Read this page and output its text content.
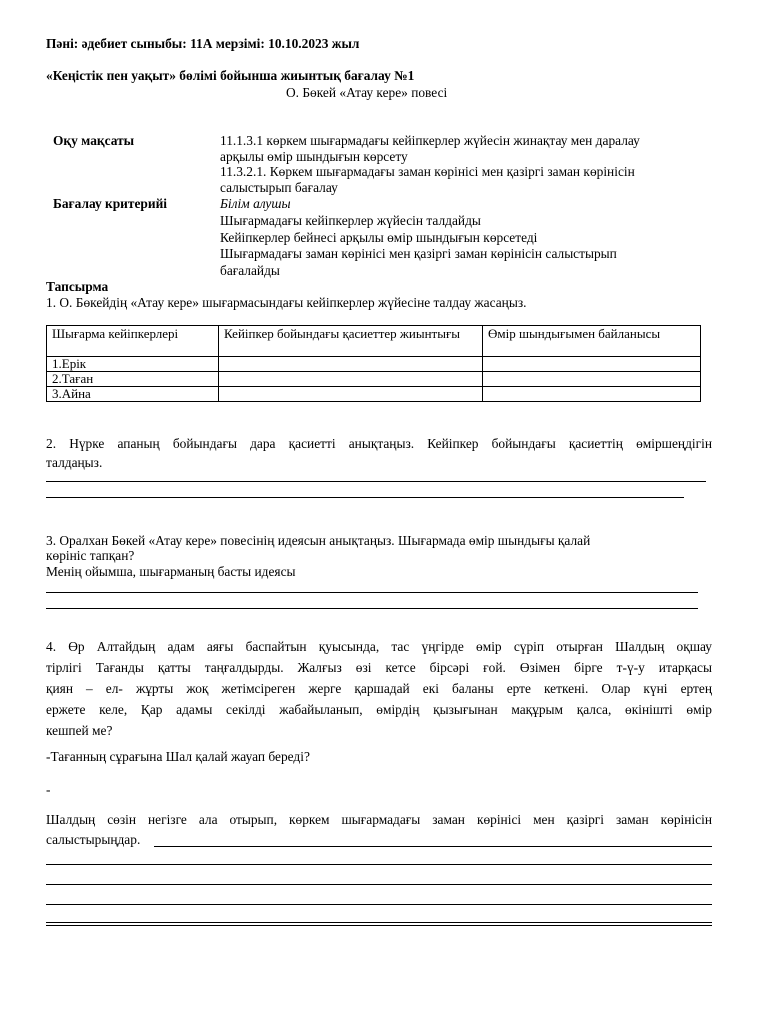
Пәні: әдебиет сыныбы: 11А мерзімі: 10.10.2023 жыл
«Кеңістік пен уақыт» бөлімі бойынша жиынтық бағалау №1
О. Бөкей «Атау кере» повесі
Оқу мақсаты	11.1.3.1 көркем шығармадағы кейіпкерлер жүйесін жинақтау мен даралау
арқылы өмір шындығын көрсету
11.3.2.1. Көркем шығармадағы заман көрінісі мен қазіргі заман көрінісін
салыстырып бағалау
Бағалау критерийі	Білім алушы
Шығармадағы кейіпкерлер жүйесін талдайды
Кейіпкерлер бейнесі арқылы өмір шындығын көрсетеді
Шығармадағы заман көрінісі мен қазіргі заман көрінісін салыстырып
бағалайды
Тапсырма
1. О. Бөкейдің «Атау кере» шығармасындағы кейіпкерлер жүйесіне талдау жасаңыз.
Шығарма кейіпкерлері	Кейіпкер бойындағы қасиеттер жиынтығы	Өмір шындығымен байланысы
1.Ерік		
2.Таған		
3.Айна		
2. Нүрке апаның бойындағы дара қасиетті анықтаңыз. Кейіпкер бойындағы қасиеттің өміршеңдігін
талдаңыз.
3. Оралхан Бөкей «Атау кере» повесінің идеясын анықтаңыз. Шығармада өмір шындығы қалай
көрініс тапқан?
Менің ойымша, шығарманың басты идеясы
4. Өр Алтайдың адам аяғы баспайтын қуысында, тас үңгірде өмір сүріп отырған Шалдың оқшау
тірлігі Тағанды қатты таңғалдырды. Жалғыз өзі кетсе бірсәрі ғой. Өзімен бірге т-ү-у итарқасы
қиян – ел- жұрты жоқ жетімсіреген жерге қаршадай екі баланы ерте кеткені. Олар күні ертең
ержете келе, Қар адамы секілді жабайыланып, өмірдің қызығынан мақұрым қалса, өкінішті өмір
кешпей ме?
-Тағанның сұрағына Шал қалай жауап береді?
-
Шалдың сөзін негізге ала отырып, көркем шығармадағы заман көрінісі мен қазіргі заман көрінісін
салыстырыңдар.
